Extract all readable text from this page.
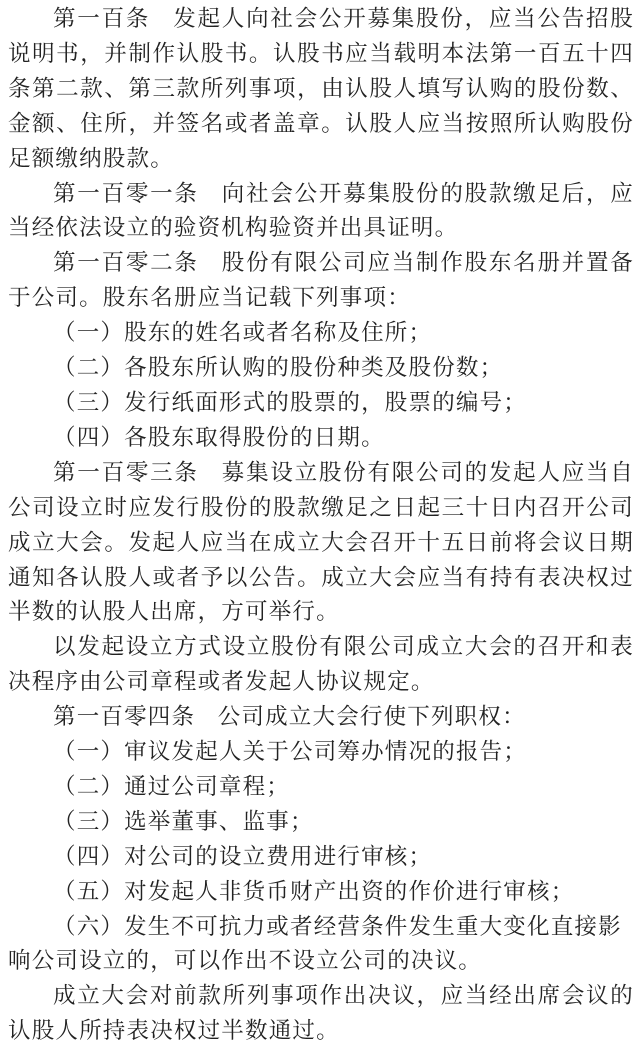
第一百条 发起人向社会公开募集股份，应当公告招股说明书，并制作认股书。认股书应当载明本法第一百五十四条第二款、第三款所列事项，由认股人填写认购的股份数、金额、住所，并签名或者盖章。认股人应当按照所认购股份足额缴纳股款。

第一百零一条 向社会公开募集股份的股款缴足后，应当经依法设立的验资机构验资并出具证明。

第一百零二条 股份有限公司应当制作股东名册并置备于公司。股东名册应当记载下列事项：

（一）股东的姓名或者名称及住所；

（二）各股东所认购的股份种类及股份数；

（三）发行纸面形式的股票的，股票的编号；

（四）各股东取得股份的日期。

第一百零三条 募集设立股份有限公司的发起人应当自公司设立时应发行股份的股款缴足之日起三十日内召开公司成立大会。发起人应当在成立大会召开十五日前将会议日期通知各认股人或者予以公告。成立大会应当有持有表决权过半数的认股人出席，方可举行。

以发起设立方式设立股份有限公司成立大会的召开和表决程序由公司章程或者发起人协议规定。

第一百零四条 公司成立大会行使下列职权：

（一）审议发起人关于公司筹办情况的报告；

（二）通过公司章程；

（三）选举董事、监事；

（四）对公司的设立费用进行审核；

（五）对发起人非货币财产出资的作价进行审核；

（六）发生不可抗力或者经营条件发生重大变化直接影响公司设立的，可以作出不设立公司的决议。

成立大会对前款所列事项作出决议，应当经出席会议的认股人所持表决权过半数通过。
